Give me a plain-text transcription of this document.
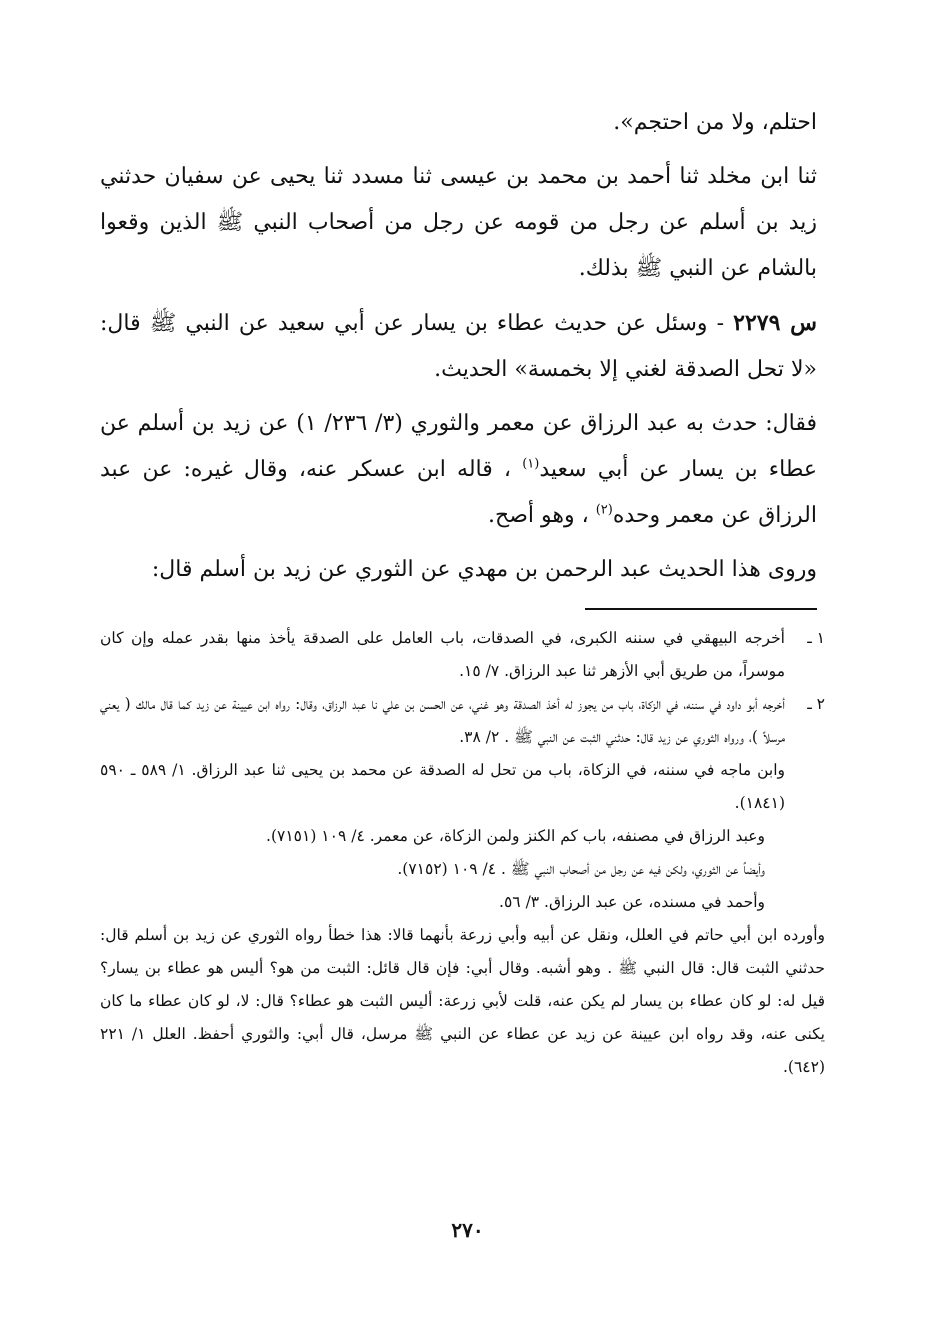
احتلم، ولا من احتجم».

ثنا ابن مخلد ثنا أحمد بن محمد بن عيسى ثنا مسدد ثنا يحيى عن سفيان حدثني زيد بن أسلم عن رجل من قومه عن رجل من أصحاب النبي ﷺ الذين وقعوا بالشام عن النبي ﷺ بذلك.

س ٢٢٧٩ - وسئل عن حديث عطاء بن يسار عن أبي سعيد عن النبي ﷺ قال: «لا تحل الصدقة لغني إلا بخمسة» الحديث.

فقال: حدث به عبد الرزاق عن معمر والثوري (٣/ ٢٣٦/ ١) عن زيد بن أسلم عن عطاء بن يسار عن أبي سعيد$^{(١)}$ ، قاله ابن عسكر عنه، وقال غيره: عن عبد الرزاق عن معمر وحده$^{(٢)}$ ، وهو أصح.

وروى هذا الحديث عبد الرحمن بن مهدي عن الثوري عن زيد بن أسلم قال:

١ ـ
أخرجه البيهقي في سننه الكبرى، في الصدقات، باب العامل على الصدقة يأخذ منها بقدر عمله وإن كان موسراً، من طريق أبي الأزهر ثنا عبد الرزاق. ٧/ ١٥.
٢ ـ
أخرجه أبو داود في سننه، في الزكاة، باب من يجوز له أخذ الصدقة وهو غني، عن الحسن بن علي نا عبد الرزاق، وقال: رواه ابن عيينة عن زيد كما قال مالك ( يعني مرسلاً )، ورواه الثوري عن زيد قال: حدثني الثبت عن النبي ﷺ . ٢/ ٣٨.

وابن ماجه في سننه، في الزكاة، باب من تحل له الصدقة عن محمد بن يحيى ثنا عبد الرزاق. ١/ ٥٨٩ ـ ٥٩٠ (١٨٤١).

وعبد الرزاق في مصنفه، باب كم الكنز ولمن الزكاة، عن معمر. ٤/ ١٠٩ (٧١٥١).

وأيضاً عن الثوري، ولكن فيه عن رجل من أصحاب النبي ﷺ . ٤/ ١٠٩ (٧١٥٢).

وأحمد في مسنده، عن عبد الرزاق. ٣/ ٥٦.

وأورده ابن أبي حاتم في العلل، ونقل عن أبيه وأبي زرعة بأنهما قالا: هذا خطأ رواه الثوري عن زيد بن أسلم قال: حدثني الثبت قال: قال النبي ﷺ . وهو أشبه. وقال أبي: فإن قال قائل: الثبت من هو؟ أليس هو عطاء بن يسار؟ قيل له: لو كان عطاء بن يسار لم يكن عنه، قلت لأبي زرعة: أليس الثبت هو عطاء؟ قال: لا، لو كان عطاء ما كان يكنى عنه، وقد رواه ابن عيينة عن زيد عن عطاء عن النبي ﷺ مرسل، قال أبي: والثوري أحفظ. العلل ١/ ٢٢١ (٦٤٢).

٢٧٠
